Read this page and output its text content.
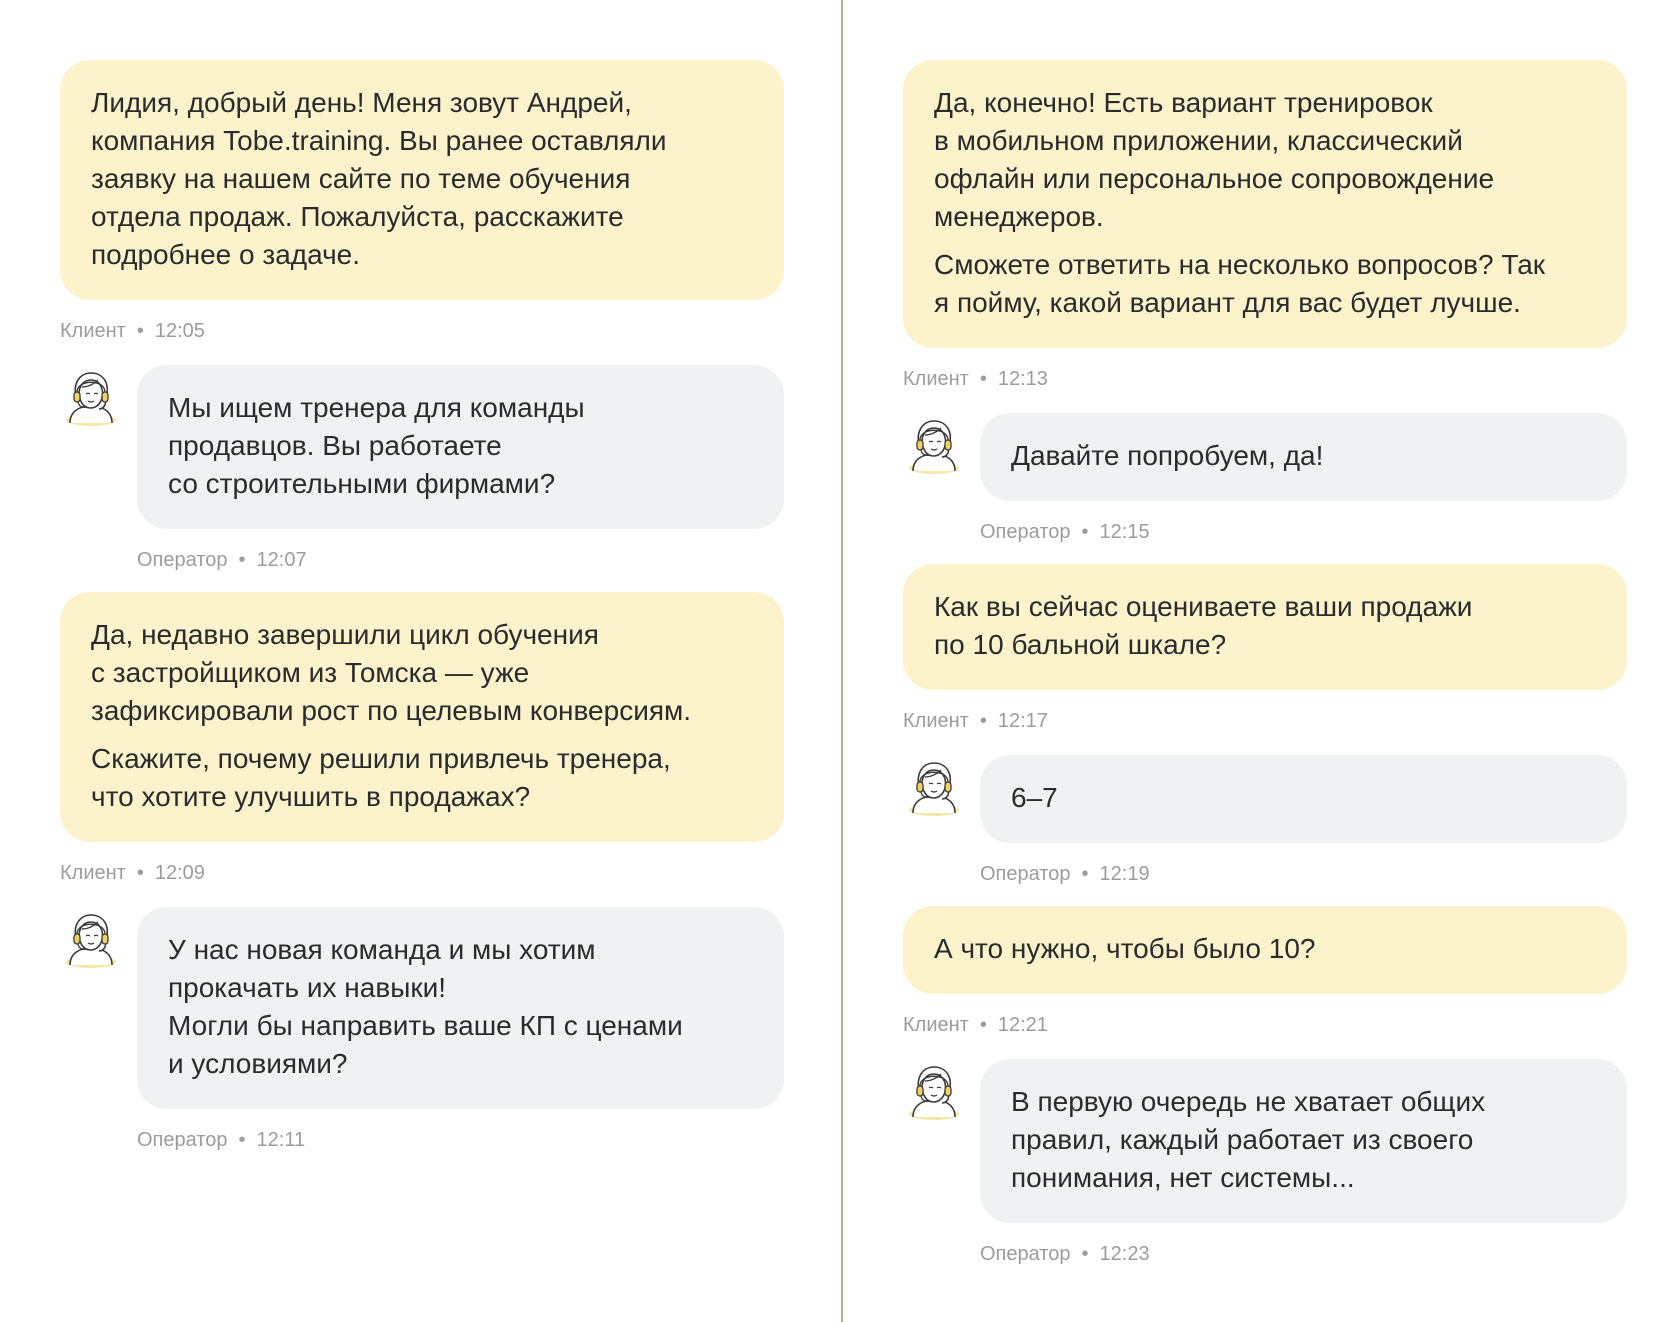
Лидия, добрый день! Меня зовут Андрей,
компания Tobe.training. Вы ранее оставляли
заявку на нашем сайте по теме обучения
отдела продаж. Пожалуйста, расскажите
подробнее о задаче.

Клиент • 12:05

Мы ищем тренера для команды
продавцов. Вы работаете
со строительными фирмами?

Оператор • 12:07

Да, недавно завершили цикл обучения
с застройщиком из Томска — уже
зафиксировали рост по целевым конверсиям.

Скажите, почему решили привлечь тренера,
что хотите улучшить в продажах?

Клиент • 12:09

У нас новая команда и мы хотим
прокачать их навыки!
Могли бы направить ваше КП с ценами
и условиями?

Оператор • 12:11

Да, конечно! Есть вариант тренировок
в мобильном приложении, классический
офлайн или персональное сопровождение
менеджеров.

Сможете ответить на несколько вопросов? Так
я пойму, какой вариант для вас будет лучше.

Клиент • 12:13

Давайте попробуем, да!

Оператор • 12:15

Как вы сейчас оцениваете ваши продажи
по 10 бальной шкале?

Клиент • 12:17

6–7

Оператор • 12:19

А что нужно, чтобы было 10?

Клиент • 12:21

В первую очередь не хватает общих
правил, каждый работает из своего
понимания, нет системы...

Оператор • 12:23
